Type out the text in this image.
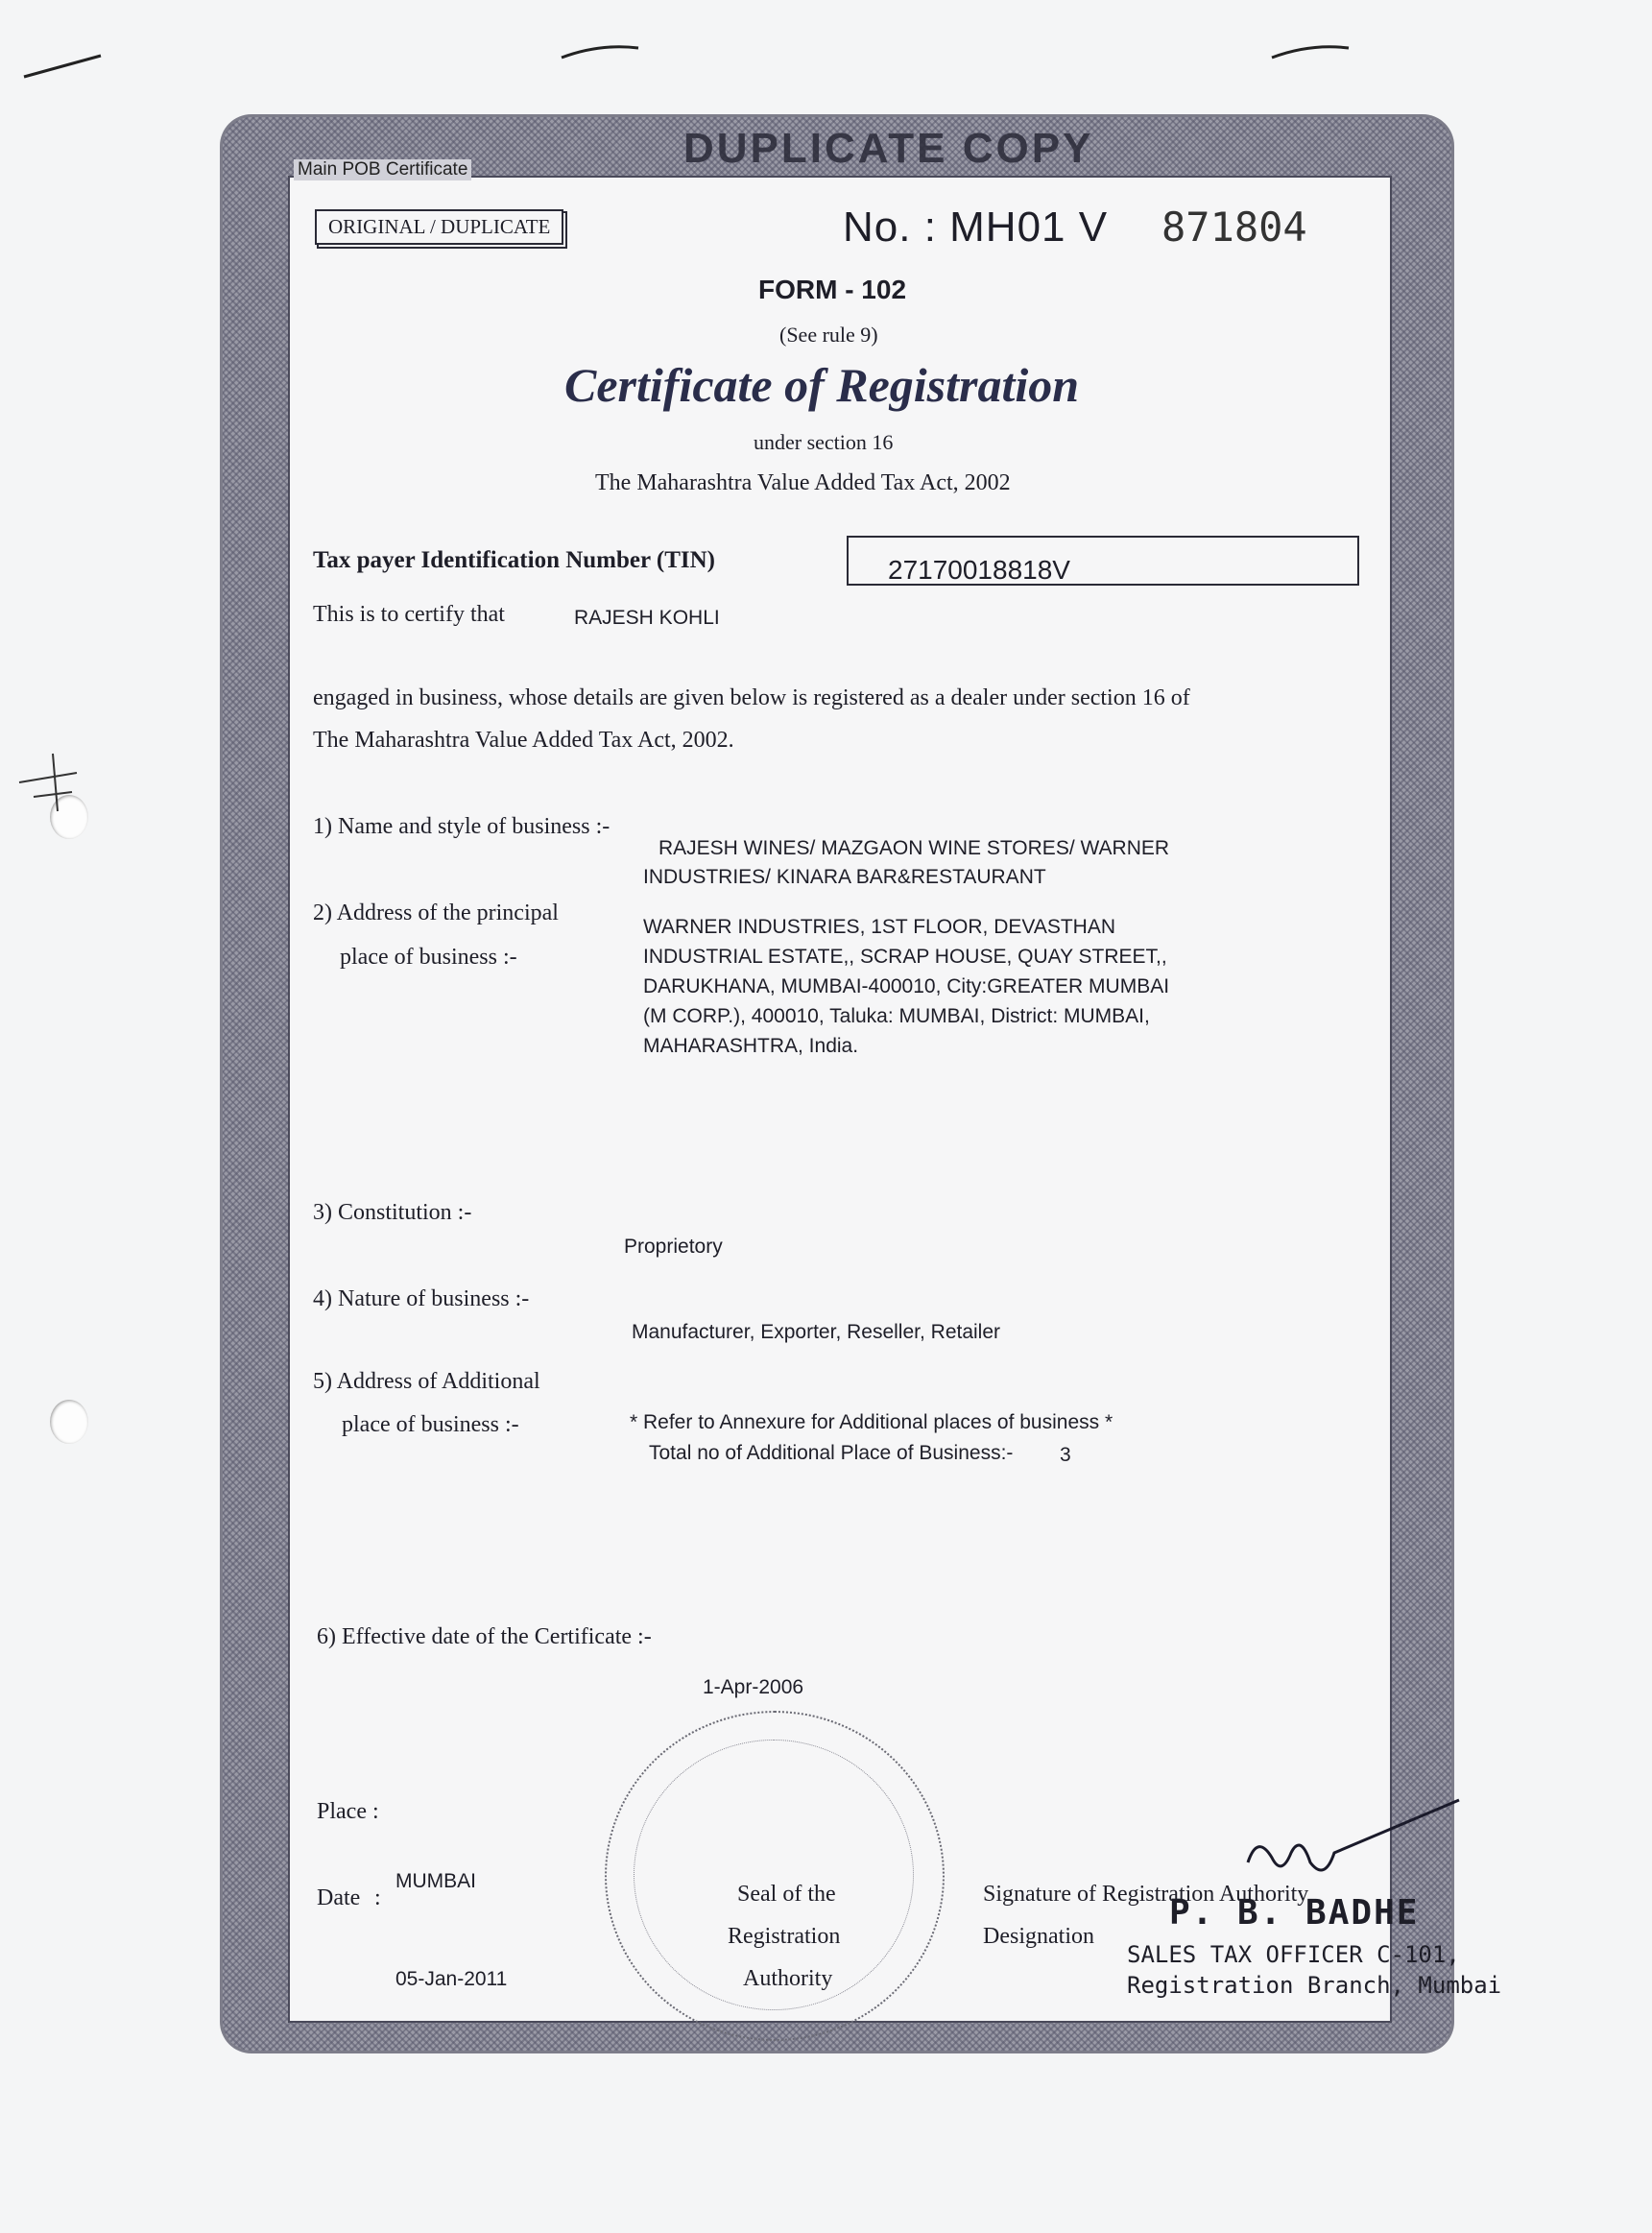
Main POB Certificate	DUPLICATE COPY
ORIGINAL / DUPLICATE	No. : MH01 V 871804
FORM - 102
(See rule 9)
Certificate of Registration
under section 16
The Maharashtra Value Added Tax Act, 2002
Tax payer Identification Number (TIN)	27170018818V
This is to certify that	RAJESH KOHLI
engaged in business, whose details are given below is registered as a dealer under section 16 of
The Maharashtra Value Added Tax Act, 2002.
1) Name and style of business :-
RAJESH WINES/ MAZGAON WINE STORES/ WARNER
INDUSTRIES/ KINARA BAR&RESTAURANT
2) Address of the principal
place of business :-
WARNER INDUSTRIES, 1ST FLOOR, DEVASTHAN
INDUSTRIAL ESTATE,, SCRAP HOUSE, QUAY STREET,,
DARUKHANA, MUMBAI-400010, City:GREATER MUMBAI
(M CORP.), 400010, Taluka: MUMBAI, District: MUMBAI,
MAHARASHTRA, India.
3) Constitution :-
Proprietory
4) Nature of business :-
Manufacturer, Exporter, Reseller, Retailer
5) Address of Additional
place of business :-	* Refer to Annexure for Additional places of business *
Total no of Additional Place of Business:- 3
6) Effective date of the Certificate :-
1-Apr-2006
Place :
MUMBAI
Date :
05-Jan-2011
Seal of the
Registration
Authority
Signature of Registration Authority
Designation
P. B. BADHE
SALES TAX OFFICER C-101,
Registration Branch, Mumbai
